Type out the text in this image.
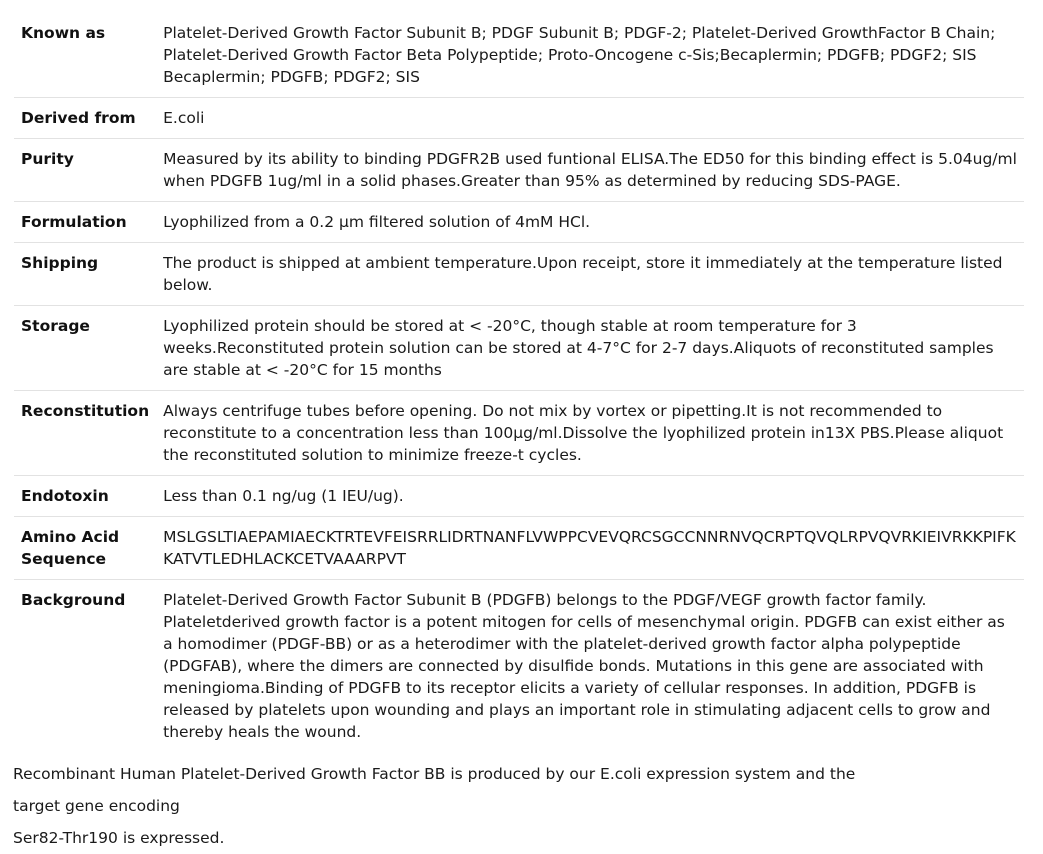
Known as	Platelet-Derived Growth Factor Subunit B; PDGF Subunit B; PDGF-2; Platelet-Derived GrowthFactor B Chain; Platelet-Derived Growth Factor Beta Polypeptide; Proto-Oncogene c-Sis;Becaplermin; PDGFB; PDGF2; SIS Becaplermin; PDGFB; PDGF2; SIS
Derived from	E.coli
Purity	Measured by its ability to binding PDGFR2B used funtional ELISA.The ED50 for this binding effect is 5.04ug/ml when PDGFB 1ug/ml in a solid phases.Greater than 95% as determined by reducing SDS-PAGE.
Formulation	Lyophilized from a 0.2 μm filtered solution of 4mM HCl.
Shipping	The product is shipped at ambient temperature.Upon receipt, store it immediately at the temperature listed below.
Storage	Lyophilized protein should be stored at < -20°C, though stable at room temperature for 3 weeks.Reconstituted protein solution can be stored at 4-7°C for 2-7 days.Aliquots of reconstituted samples are stable at < -20°C for 15 months
Reconstitution	Always centrifuge tubes before opening. Do not mix by vortex or pipetting.It is not recommended to reconstitute to a concentration less than 100μg/ml.Dissolve the lyophilized protein in13X PBS.Please aliquot the reconstituted solution to minimize freeze-t cycles.
Endotoxin	Less than 0.1 ng/ug (1 IEU/ug).
Amino Acid Sequence	MSLGSLTIAEPAMIAECKTRTEVFEISRRLIDRTNANFLVWPPCVEVQRCSGCCNNRNVQCRPTQVQLRPVQVRKIEIVRKKPIFKKATVTLEDHLACKCETVAAARPVT
Background	Platelet-Derived Growth Factor Subunit B (PDGFB) belongs to the PDGF/VEGF growth factor family. Plateletderived growth factor is a potent mitogen for cells of mesenchymal origin. PDGFB can exist either as a homodimer (PDGF-BB) or as a heterodimer with the platelet-derived growth factor alpha polypeptide (PDGFAB), where the dimers are connected by disulfide bonds. Mutations in this gene are associated with meningioma.Binding of PDGFB to its receptor elicits a variety of cellular responses. In addition, PDGFB is released by platelets upon wounding and plays an important role in stimulating adjacent cells to grow and thereby heals the wound.

Recombinant Human Platelet-Derived Growth Factor BB is produced by our E.coli expression system and the

target gene encoding

Ser82-Thr190 is expressed.
